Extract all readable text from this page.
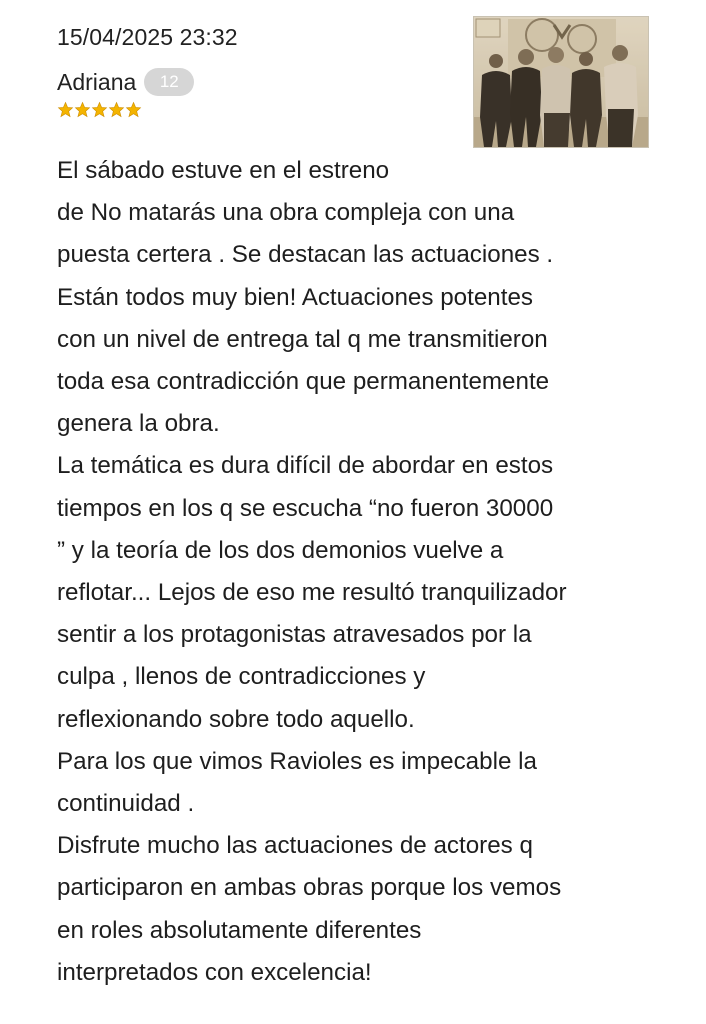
15/04/2025 23:32
Adriana	12
El sábado estuve en el estreno
de No matarás una obra compleja con una
puesta certera . Se destacan las actuaciones .
Están todos muy bien! Actuaciones potentes
con un nivel de entrega tal q me transmitieron
toda esa contradicción que permanentemente
genera la obra.
La temática es dura difícil de abordar en estos
tiempos en los q se escucha “no fueron 30000
” y la teoría de los dos demonios vuelve a
reflotar... Lejos de eso me resultó tranquilizador
sentir a los protagonistas atravesados por la
culpa , llenos de contradicciones y
reflexionando sobre todo aquello.
Para los que vimos Ravioles es impecable la
continuidad .
Disfrute mucho las actuaciones de actores q
participaron en ambas obras porque los vemos
en roles absolutamente diferentes
interpretados con excelencia!
